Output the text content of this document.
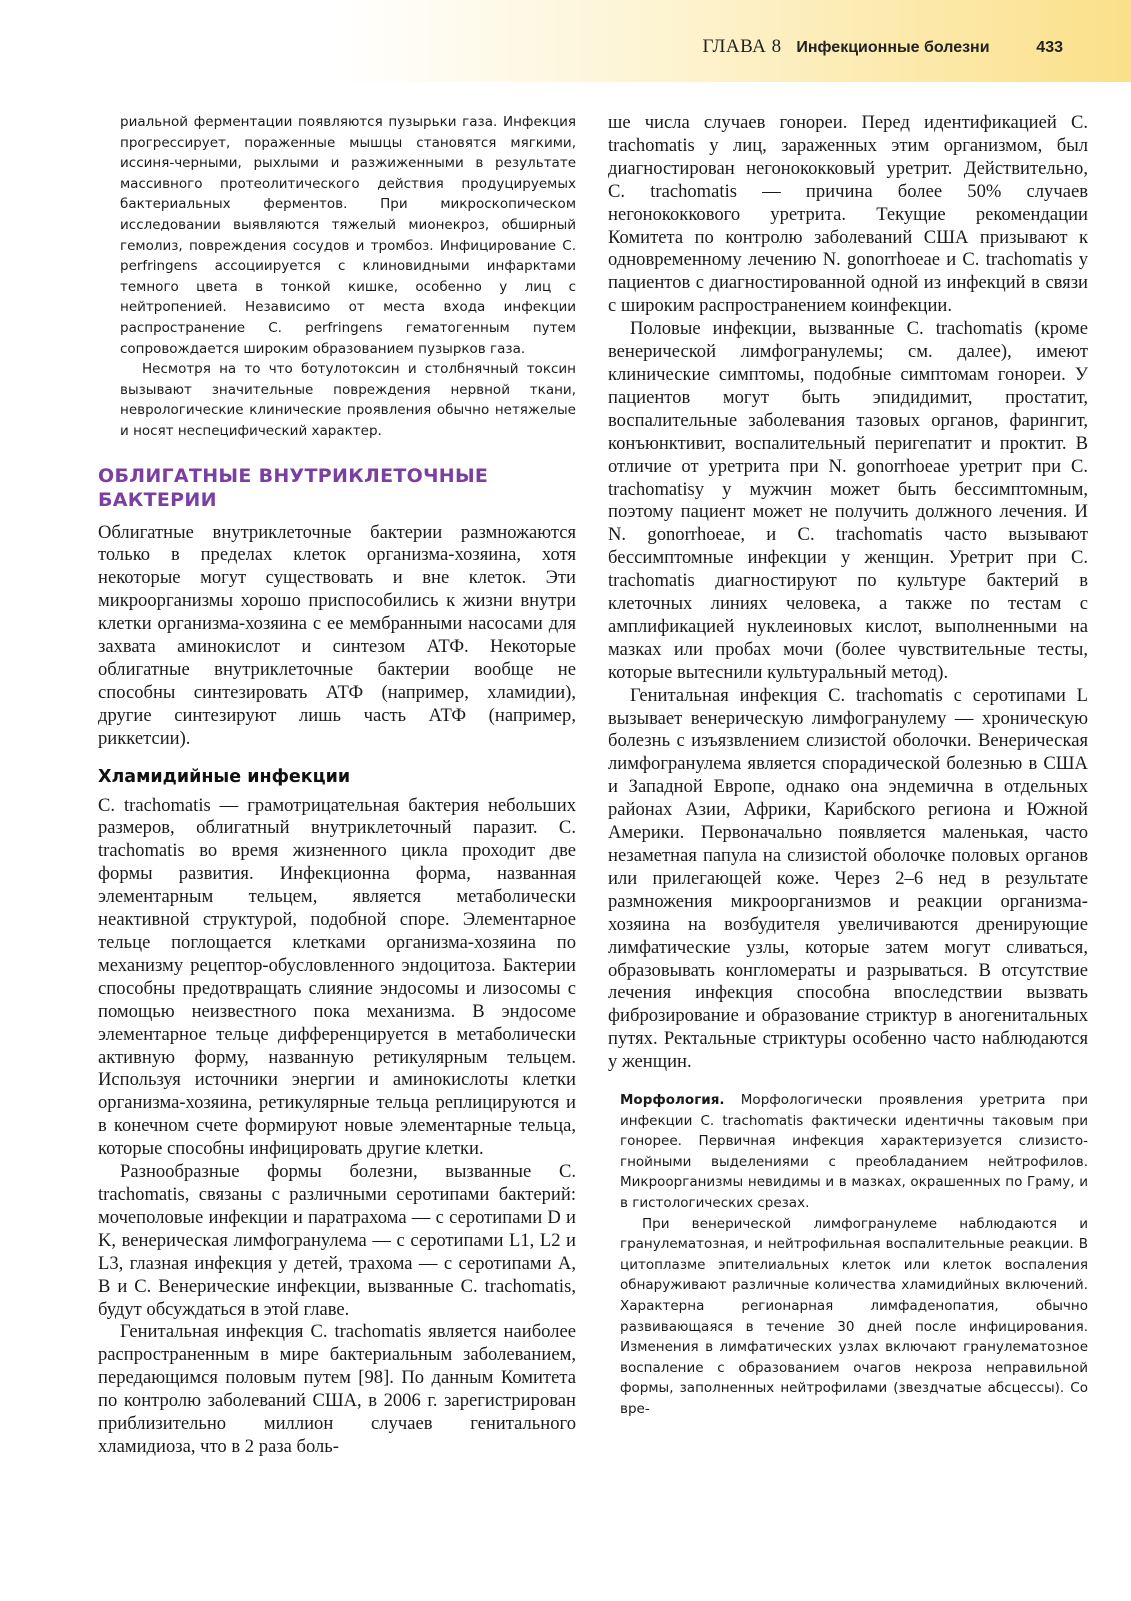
ГЛАВА 8 Инфекционные болезни	433

риальной ферментации появляются пузырьки газа. Инфекция прогрессирует, пораженные мышцы становятся мягкими, иссиня-черными, рыхлыми и разжиженными в результате массивного протеолитического действия продуцируемых бактериальных ферментов. При микроскопическом исследовании выявляются тяжелый мионекроз, обширный гемолиз, повреждения сосудов и тромбоз. Инфицирование C. perfringens ассоциируется с клиновидными инфарктами темного цвета в тонкой кишке, особенно у лиц с нейтропенией. Независимо от места входа инфекции распространение C. perfringens гематогенным путем сопровождается широким образованием пузырков газа.

Несмотря на то что ботулотоксин и столбнячный токсин вызывают значительные повреждения нервной ткани, неврологические клинические проявления обычно нетяжелые и носят неспецифический характер.

ОБЛИГАТНЫЕ ВНУТРИКЛЕТОЧНЫЕ БАКТЕРИИ

Облигатные внутриклеточные бактерии размножаются только в пределах клеток организма-хозяина, хотя некоторые могут существовать и вне клеток. Эти микроорганизмы хорошо приспособились к жизни внутри клетки организма-хозяина с ее мембранными насосами для захвата аминокислот и синтезом АТФ. Некоторые облигатные внутриклеточные бактерии вообще не способны синтезировать АТФ (например, хламидии), другие синтезируют лишь часть АТФ (например, риккетсии).

Хламидийные инфекции

C. trachomatis — грамотрицательная бактерия небольших размеров, облигатный внутриклеточный паразит. C. trachomatis во время жизненного цикла проходит две формы развития. Инфекционна форма, названная элементарным тельцем, является метаболически неактивной структурой, подобной споре. Элементарное тельце поглощается клетками организма-хозяина по механизму рецептор-обусловленного эндоцитоза. Бактерии способны предотвращать слияние эндосомы и лизосомы с помощью неизвестного пока механизма. В эндосоме элементарное тельце дифференцируется в метаболически активную форму, названную ретикулярным тельцем. Используя источники энергии и аминокислоты клетки организма-хозяина, ретикулярные тельца реплицируются и в конечном счете формируют новые элементарные тельца, которые способны инфицировать другие клетки.

Разнообразные формы болезни, вызванные C. trachomatis, связаны с различными серотипами бактерий: мочеполовые инфекции и паратрахома — с серотипами D и K, венерическая лимфогранулема — с серотипами L1, L2 и L3, глазная инфекция у детей, трахома — с серотипами A, B и C. Венерические инфекции, вызванные C. trachomatis, будут обсуждаться в этой главе.

Генитальная инфекция C. trachomatis является наиболее распространенным в мире бактериальным заболеванием, передающимся половым путем [98]. По данным Комитета по контролю заболеваний США, в 2006 г. зарегистрирован приблизительно миллион случаев генитального хламидиоза, что в 2 раза боль-

ше числа случаев гонореи. Перед идентификацией C. trachomatis у лиц, зараженных этим организмом, был диагностирован негонококковый уретрит. Действительно, C. trachomatis — причина более 50% случаев негонококкового уретрита. Текущие рекомендации Комитета по контролю заболеваний США призывают к одновременному лечению N. gonorrhoeae и C. trachomatis у пациентов с диагностированной одной из инфекций в связи с широким распространением коинфекции.

Половые инфекции, вызванные C. trachomatis (кроме венерической лимфогранулемы; см. далее), имеют клинические симптомы, подобные симптомам гонореи. У пациентов могут быть эпидидимит, простатит, воспалительные заболевания тазовых органов, фарингит, конъюнктивит, воспалительный перигепатит и проктит. В отличие от уретрита при N. gonorrhoeae уретрит при C. trachomatisу у мужчин может быть бессимптомным, поэтому пациент может не получить должного лечения. И N. gonorrhoeae, и C. trachomatis часто вызывают бессимптомные инфекции у женщин. Уретрит при C. trachomatis диагностируют по культуре бактерий в клеточных линиях человека, а также по тестам с амплификацией нуклеиновых кислот, выполненными на мазках или пробах мочи (более чувствительные тесты, которые вытеснили культуральный метод).

Генитальная инфекция C. trachomatis с серотипами L вызывает венерическую лимфогранулему — хроническую болезнь с изъязвлением слизистой оболочки. Венерическая лимфогранулема является спорадической болезнью в США и Западной Европе, однако она эндемична в отдельных районах Азии, Африки, Карибского региона и Южной Америки. Первоначально появляется маленькая, часто незаметная папула на слизистой оболочке половых органов или прилегающей коже. Через 2–6 нед в результате размножения микроорганизмов и реакции организма-хозяина на возбудителя увеличиваются дренирующие лимфатические узлы, которые затем могут сливаться, образовывать конгломераты и разрываться. В отсутствие лечения инфекция способна впоследствии вызвать фиброзирование и образование стриктур в аногенитальных путях. Ректальные стриктуры особенно часто наблюдаются у женщин.

Морфология. Морфологически проявления уретрита при инфекции C. trachomatis фактически идентичны таковым при гонорее. Первичная инфекция характеризуется слизисто-гнойными выделениями с преобладанием нейтрофилов. Микроорганизмы невидимы и в мазках, окрашенных по Граму, и в гистологических срезах.

При венерической лимфогранулеме наблюдаются и гранулематозная, и нейтрофильная воспалительные реакции. В цитоплазме эпителиальных клеток или клеток воспаления обнаруживают различные количества хламидийных включений. Характерна регионарная лимфаденопатия, обычно развивающаяся в течение 30 дней после инфицирования. Изменения в лимфатических узлах включают гранулематозное воспаление с образованием очагов некроза неправильной формы, заполненных нейтрофилами (звездчатые абсцессы). Со вре-
